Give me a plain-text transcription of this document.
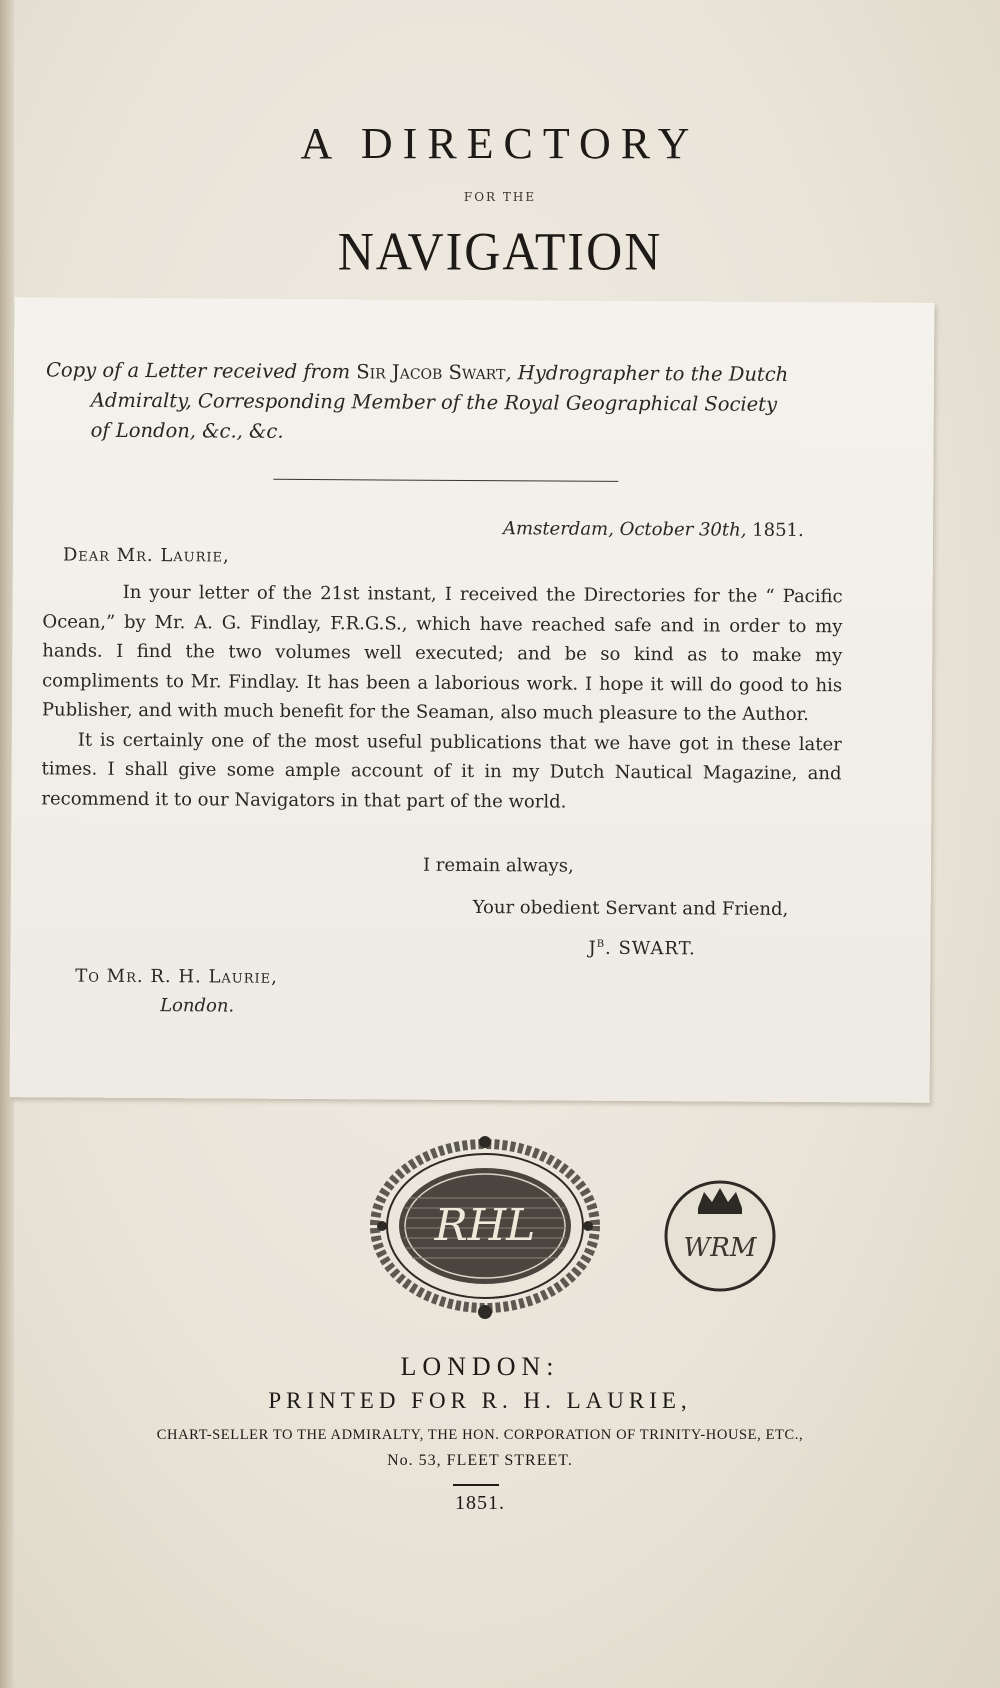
A DIRECTORY
FOR THE
NAVIGATION
Copy of a Letter received from Sir Jacob Swart, Hydrographer to the Dutch
Admiralty, Corresponding Member of the Royal Geographical Society
of London, &c., &c.
Amsterdam, October 30th, 1851.
Dear Mr. Laurie,

In your letter of the 21st instant, I received the Directories for the “ Pacific Ocean,” by Mr. A. G. Findlay, F.R.G.S., which have reached safe and in order to my hands. I find the two volumes well executed; and be so kind as to make my compliments to Mr. Findlay. It has been a laborious work. I hope it will do good to his Publisher, and with much benefit for the Seaman, also much pleasure to the Author.

It is certainly one of the most useful publications that we have got in these later times. I shall give some ample account of it in my Dutch Nautical Magazine, and recommend it to our Navigators in that part of the world.

I remain always,
Your obedient Servant and Friend,
$J^B$. SWART.
To Mr. R. H. Laurie,
London.
RHL	WRM
LONDON:
PRINTED FOR R. H. LAURIE,
CHART-SELLER TO THE ADMIRALTY, THE HON. CORPORATION OF TRINITY-HOUSE, ETC.,
No. 53, FLEET STREET.
1851.
